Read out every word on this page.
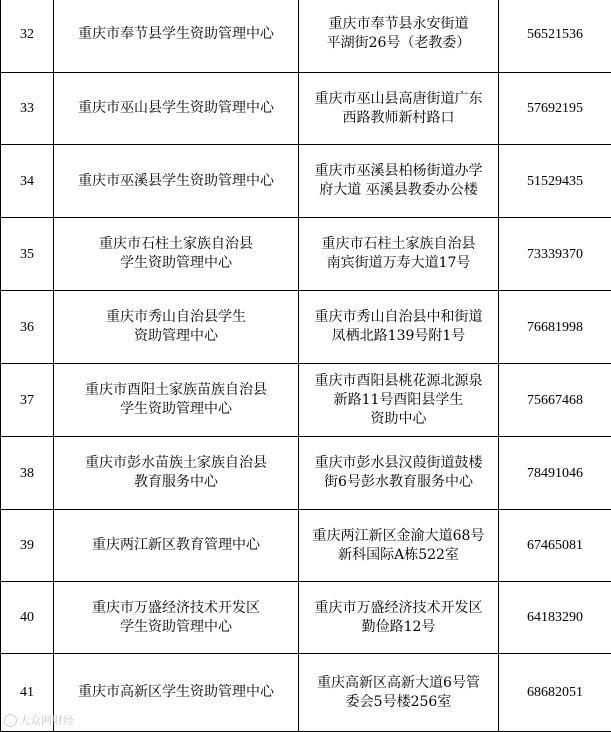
32	重庆市奉节县学生资助管理中心	重庆市奉节县永安街道
平湖街26号（老教委）	56521536
33	重庆市巫山县学生资助管理中心	重庆市巫山县高唐街道广东
西路教师新村路口	57692195
34	重庆市巫溪县学生资助管理中心	重庆市巫溪县柏杨街道办学
府大道 巫溪县教委办公楼	51529435
35	重庆市石柱土家族自治县
学生资助管理中心	重庆市石柱土家族自治县
南宾街道万寿大道17号	73339370
36	重庆市秀山自治县学生
资助管理中心	重庆市秀山自治县中和街道
凤栖北路139号附1号	76681998
37	重庆市酉阳土家族苗族自治县
学生资助管理中心	重庆市酉阳县桃花源北源泉
新路11号酉阳县学生
资助中心	75667468
38	重庆市彭水苗族土家族自治县
教育服务中心	重庆市彭水县汉葭街道鼓楼
街6号彭水教育服务中心	78491046
39	重庆两江新区教育管理中心	重庆两江新区金渝大道68号
新科国际A栋522室	67465081
40	重庆市万盛经济技术开发区
学生资助管理中心	重庆市万盛经济技术开发区
勤俭路12号	64183290
41	重庆市高新区学生资助管理中心	重庆高新区高新大道6号管
委会5号楼256室	68682051
大众网财经
